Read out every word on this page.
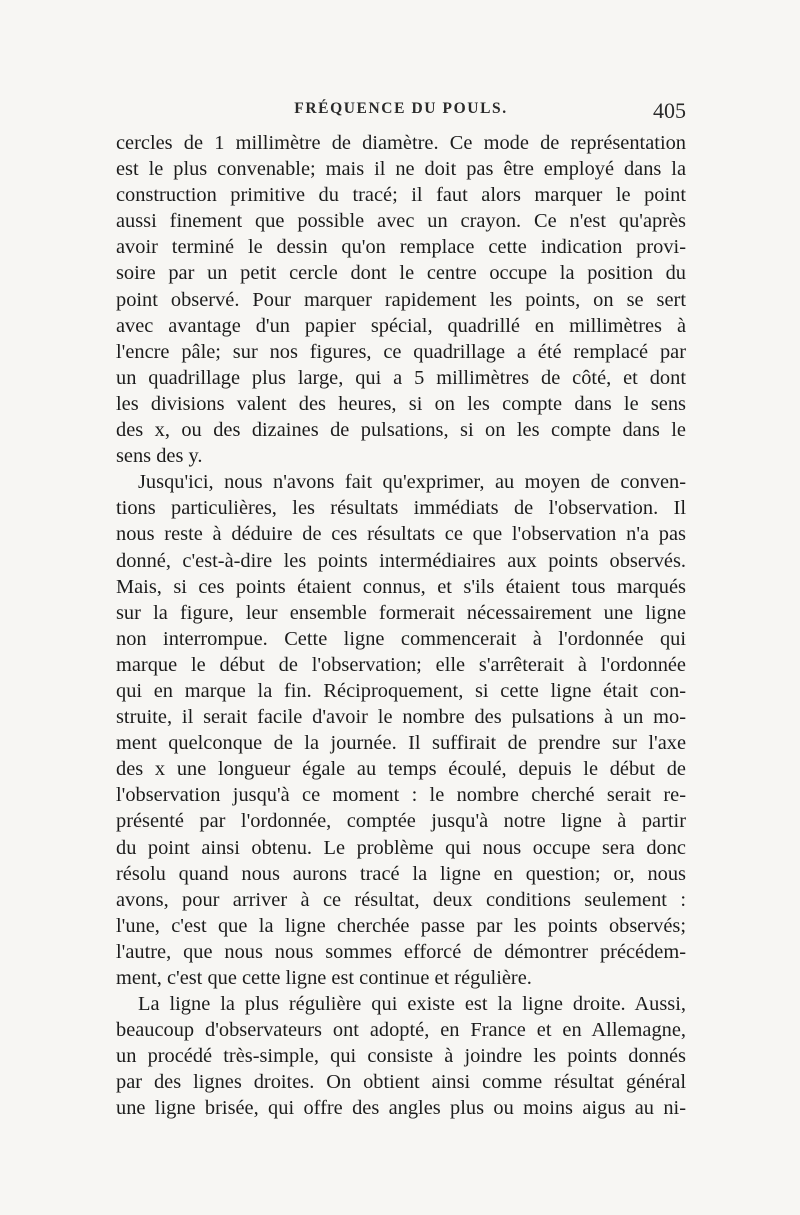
FRÉQUENCE DU POULS.	405
cercles de 1 millimètre de diamètre. Ce mode de représentation
est le plus convenable; mais il ne doit pas être employé dans la
construction primitive du tracé; il faut alors marquer le point
aussi finement que possible avec un crayon. Ce n'est qu'après
avoir terminé le dessin qu'on remplace cette indication provi-
soire par un petit cercle dont le centre occupe la position du
point observé. Pour marquer rapidement les points, on se sert
avec avantage d'un papier spécial, quadrillé en millimètres à
l'encre pâle; sur nos figures, ce quadrillage a été remplacé par
un quadrillage plus large, qui a 5 millimètres de côté, et dont
les divisions valent des heures, si on les compte dans le sens
des x, ou des dizaines de pulsations, si on les compte dans le
sens des y.
Jusqu'ici, nous n'avons fait qu'exprimer, au moyen de conven-
tions particulières, les résultats immédiats de l'observation. Il
nous reste à déduire de ces résultats ce que l'observation n'a pas
donné, c'est-à-dire les points intermédiaires aux points observés.
Mais, si ces points étaient connus, et s'ils étaient tous marqués
sur la figure, leur ensemble formerait nécessairement une ligne
non interrompue. Cette ligne commencerait à l'ordonnée qui
marque le début de l'observation; elle s'arrêterait à l'ordonnée
qui en marque la fin. Réciproquement, si cette ligne était con-
struite, il serait facile d'avoir le nombre des pulsations à un mo-
ment quelconque de la journée. Il suffirait de prendre sur l'axe
des x une longueur égale au temps écoulé, depuis le début de
l'observation jusqu'à ce moment : le nombre cherché serait re-
présenté par l'ordonnée, comptée jusqu'à notre ligne à partir
du point ainsi obtenu. Le problème qui nous occupe sera donc
résolu quand nous aurons tracé la ligne en question; or, nous
avons, pour arriver à ce résultat, deux conditions seulement :
l'une, c'est que la ligne cherchée passe par les points observés;
l'autre, que nous nous sommes efforcé de démontrer précédem-
ment, c'est que cette ligne est continue et régulière.
La ligne la plus régulière qui existe est la ligne droite. Aussi,
beaucoup d'observateurs ont adopté, en France et en Allemagne,
un procédé très-simple, qui consiste à joindre les points donnés
par des lignes droites. On obtient ainsi comme résultat général
une ligne brisée, qui offre des angles plus ou moins aigus au ni-
